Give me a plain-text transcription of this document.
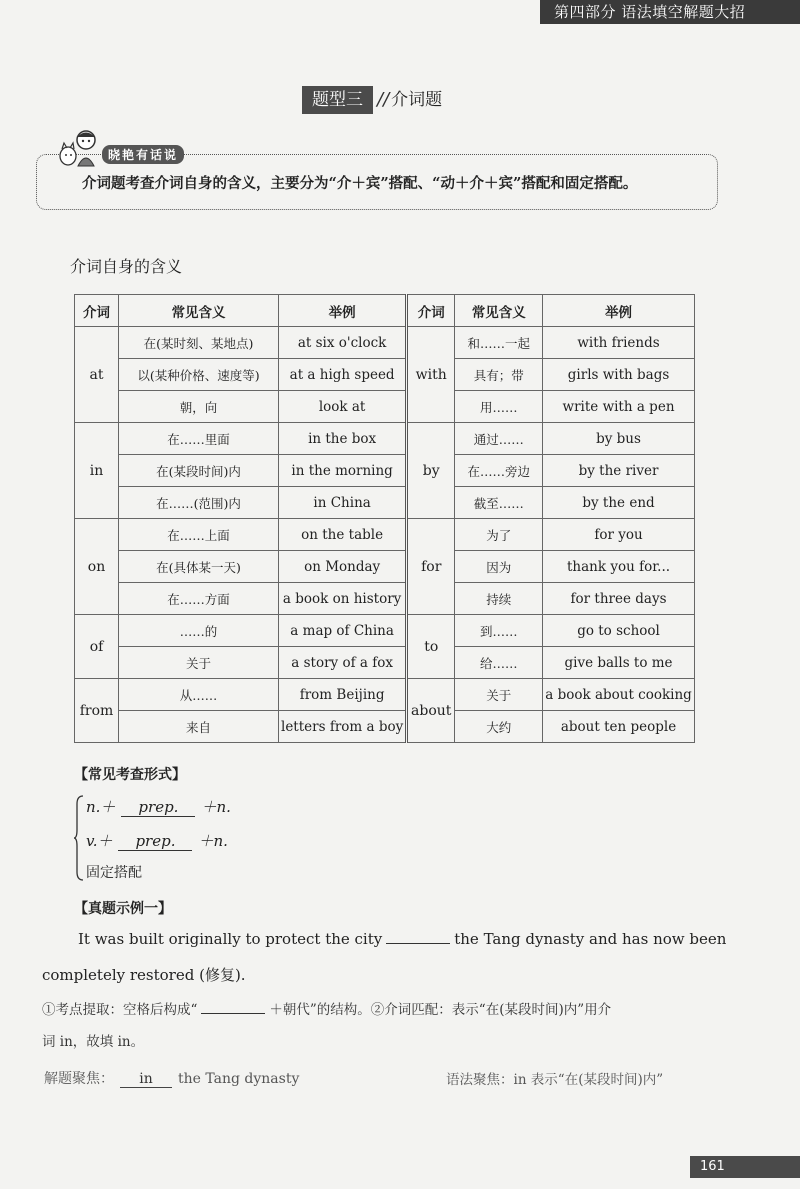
第四部分 语法填空解题大招
题型三 // 介词题
晓艳有话说
介词题考查介词自身的含义，主要分为“介＋宾”搭配、“动＋介＋宾”搭配和固定搭配。
介词自身的含义
介词	常见含义	举例	介词	常见含义	举例
at	在(某时刻、某地点)	at six o'clock	with	和……一起	with friends
	以(某种价格、速度等)	at a high speed		具有；带	girls with bags
	朝，向	look at		用……	write with a pen
in	在……里面	in the box	by	通过……	by bus
	在(某段时间)内	in the morning		在……旁边	by the river
	在……(范围)内	in China		截至……	by the end
on	在……上面	on the table	for	为了	for you
	在(具体某一天)	on Monday		因为	thank you for...
	在……方面	a book on history		持续	for three days
of	……的	a map of China	to	到……	go to school
	关于	a story of a fox		给……	give balls to me
from	从……	from Beijing	about	关于	a book about cooking
	来自	letters from a boy		大约	about ten people
【常见考查形式】
n.＋ prep. ＋n.
v.＋ prep. ＋n.
固定搭配
【真题示例一】
It was built originally to protect the city	the Tang dynasty and has now been
completely restored (修复).
①考点提取：空格后构成“	＋朝代”的结构。②介词匹配：表示“在(某段时间)内”用介
词 in，故填 in。
解题聚焦： in the Tang dynasty	语法聚焦：in 表示“在(某段时间)内”
161
